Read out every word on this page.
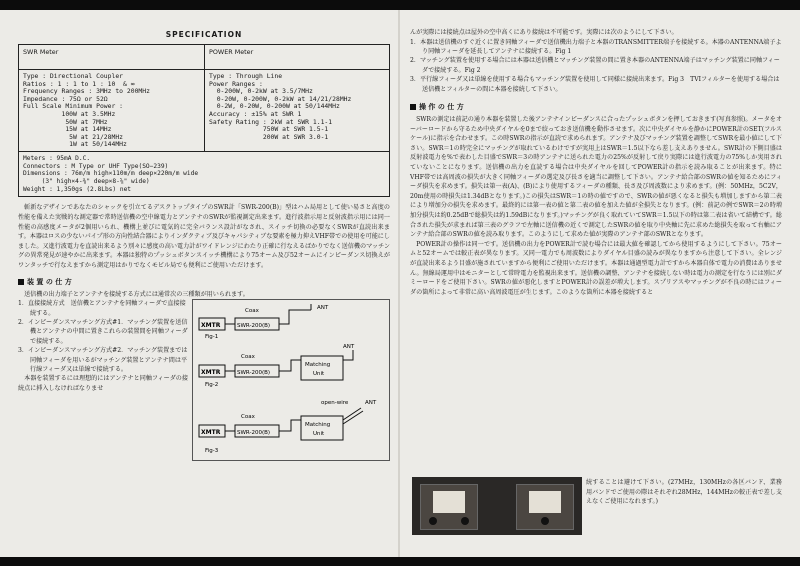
SPECIFICATION
SWR Meter
Type : Directional Coupler
Ratios : 1 : 1 to 1 : 10  & ∞
Frequency Ranges : 3MHz to 200MHz
Impedance : 75Ω or 52Ω
Full Scale Minimum Power :
100W at 3.5MHz
50W at 7MHz
15W at 14MHz
5W at 21/28MHz
1W at 50/144MHz
POWER Meter
Type : Through Line
Power Ranges :
0-200W, 0-2kW at 3.5/7MHz
0-20W, 0-200W, 0-2kW at 14/21/28MHz
0-2W, 0-20W, 0-200W at 50/144MHz
Accuracy : ±15% at SWR 1
Safety Rating : 2kW at SWR 1.1-1
750W at SWR 1.5-1
200W at SWR 3.0-1
Meters : 95mA D.C.
Connectors : M Type or UHF Type(SO−239)
Dimensions : 76m/m high×110m/m deep×220m/m wide
(3" high×4-⅜" deep×8-⅝" wide)
Weight : 1,350gs (2.8Lbs) net

斬新なデザインであなたのシャックを引立てるデスクトップタイプのSWR計「SWR-200(B)」型はハム局用として使い易さと高度の性能を備えた実戦的な測定器で常時送信機の空中線電力とアンテナのSWRが監視測定出来ます。進行波指示用と反射波指示用には同一性能の高感度メータが2個用いられ、機構上並びに電気的に完全バランス設計がなされ、スイッチ切換の必要なくSWRが直読出来ます。本器はロスの少ないパイプ形の方向性結合器によりインダクティブ及びキャパシティブな要素を極力抑えVHF帯での使用を可能にしました。又進行波電力を直読出来るよう別々に感度の高い電力計がワイドレンジにわたり正確に行なえるばかりでなく送信機のマッチングの異常発見が速やかに出来ます。本器は独特のプッシュボタンスイッチ機構により75オーム及び52オームにインピーダンス切換えがワンタッチで行なえますから測定用はかりでなくモビル局でも便利にご使用いただけます。

装 置 の 仕 方

送信機の出力端子とアンテナを接続する方式には通常次の三種類が用いられます。

1．直接接続方式　送信機とアンテナを同軸フィーダで直接接続する。

2．インピーダンスマッチング方式#1．マッチング装置を送信機とアンテナの中間に置きこれらの装置間を同軸フィーダで接続する。

3．インピーダンスマッチング方式#2．マッチング装置までは同軸フィーダを用いるがマッチング装置とアンテナ間は平行線フィーダ又は単線で接続する。

本器を装置するには理想的にはアンテナと同軸フィーダの接続点に挿入しなければなりませ

XMTR	SWR-200(B)
Coax	ANT
Fig-1
XMTR	SWR-200(B)
Coax
Matching
Unit
ANT
Fig-2
XMTR	SWR-200(B)
Coax
Matching
Unit
open-wire	ANT
Fig-3

んが実際には接続点は屋外の空中高くにあり接続は不可能です。実際には次のようにして下さい。

1．本器は送信機のすぐ近くに置き同軸フィーダで送信機出力端子と本器のTRANSMITTER端子を接続する。本器のANTENNA端子より同軸フィーダを延長してアンテナに接続する。Fig 1

2．マッチング装置を使用する場合には本器は送信機とマッチング装置の間に置き本器のANTENNA端子はマッチング装置に同軸フィーダで接続する。Fig 2

3．平行線フィーダ又は単線を使用する場合もマッチング装置を使用して同様に接続出来ます。Fig 3　TVIフィルターを使用する場合は送信機とフィルターの間に本器を接続して下さい。

操 作 の 仕 方

SWRの測定は前記の通り本器を装置した後アンテナインピーダンスに合ったプッシュボタンを押しておきます(写真参照)。メータをオーバーロードから守るため中央ダイヤルを0まで絞っておき送信機を動作させます。次に中央ダイヤルを静かにPOWER計のSET(フルスケール)に指示を合わせます。この時SWRの指示が直読で求められます。アンテナ及びマッチング装置を調整してSWRを最小値にして下さい。SWR＝1の時完全にマッチングが取れているわけですが実用上はSWR＝1.5以下なら差し支えありません。SWR計の下側目盛は反射波電力を%で表わした目盛でSWR＝3の時アンテナに送られた電力の25%が反射して戻り実際には進行波電力の75%しか実用されていないことになります。送信機の出力を直読する場合は中央ダイヤルを回してPOWER計の指示を読み取ることが出来ます。特にVHF帯では高周波の損失が大きく同軸フィーダの選定及び長さを適当に調整して下さい。アンテナ給合部のSWRの値を知るためにフィーダ損失を求めます。損失は第一表(A)、(B)により使用するフィーダの種類、長さ及び周波数により求めます。(例：50MHz，5C2V，20m使用の時損失は1.34dBとなります。)この損失はSWR＝1の時の値ですので、SWRの値が悪くなると損失も増加しますから第二表により増加分の損失を求めます。最終的には第一表の値と第二表の値を加えた値が全損失となります。(例：前記の例でSWR＝2の時増加分損失は約0.25dBで総損失は約1.59dBになります。)マッチングが良く取れていてSWR＝1.5以下の時は第二表は省いて結構です。総合された損失が求まれば第三表のグラフで左軸に送信機の近くで測定したSWRの値を取り中央軸に先に求めた総損失を取って右軸にアンテナ給合部のSWRの値を読み取ります。このようにして求めた値が実際のアンテナ部のSWRとなります。

POWER計の操作は同一です。送信機の出力をPOWER計で読む場合には最大値を確認してから使用するようにして下さい。75オームと52オームでは較正表が異なります。又同一電力でも周波数によりダイヤル目盛の読みが異なりますから注意して下さい。全レンジが直読出来るよう目盛が施されていますから便利にご使用いただけます。本器は通過型電力計ですから本器自体で電力の消費はありません。無線局運用中はモニターとして常時電力を監視出来ます。送信機の調整、アンテナを接続しない時は電力の測定を行なうには別にダミーロードをご使用下さい。SWRの値が悪化しますとPOWER計の誤差が増大します。スプリアスやマッチングが不良の時にはフィーダの箇所によって非常に高い高周波電圧が生じます。このような箇所に本器を接続すると

続することは避けて下さい。(27MHz，130MHzの各区バンド、業務用バンドでご使用の際はそれぞれ28MHz，144MHzの較正表で差し支えなくご使用になれます。)
